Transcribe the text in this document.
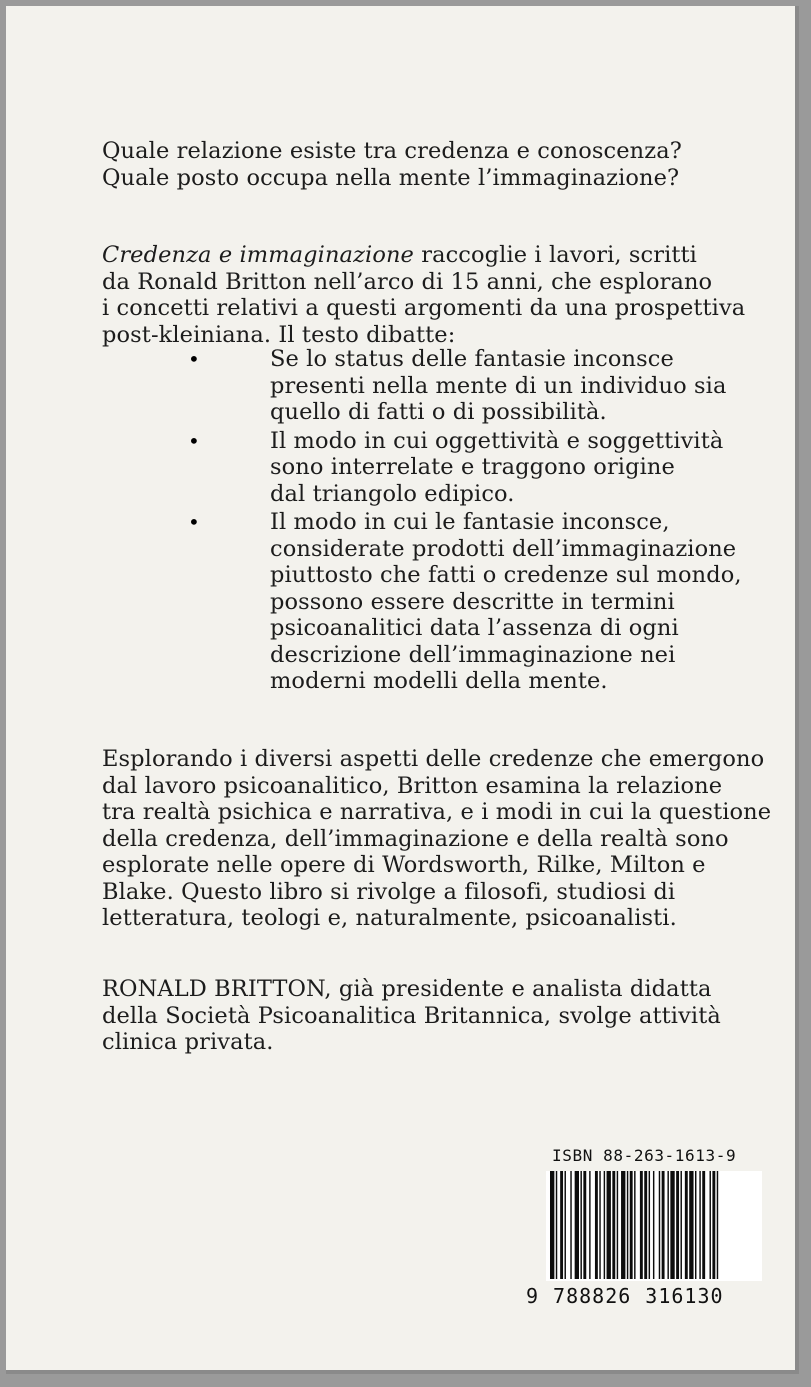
Quale relazione esiste tra credenza e conoscenza?
Quale posto occupa nella mente l’immaginazione?

Credenza e immaginazione raccoglie i lavori, scritti
da Ronald Britton nell’arco di 15 anni, che esplorano
i concetti relativi a questi argomenti da una prospettiva
post-kleiniana. Il testo dibatte:

•	Se lo status delle fantasie inconsce
presenti nella mente di un individuo sia
quello di fatti o di possibilità.

•	Il modo in cui oggettività e soggettività
sono interrelate e traggono origine
dal triangolo edipico.

•	Il modo in cui le fantasie inconsce,
considerate prodotti dell’immaginazione
piuttosto che fatti o credenze sul mondo,
possono essere descritte in termini
psicoanalitici data l’assenza di ogni
descrizione dell’immaginazione nei
moderni modelli della mente.

Esplorando i diversi aspetti delle credenze che emergono
dal lavoro psicoanalitico, Britton esamina la relazione
tra realtà psichica e narrativa, e i modi in cui la questione
della credenza, dell’immaginazione e della realtà sono
esplorate nelle opere di Wordsworth, Rilke, Milton e
Blake. Questo libro si rivolge a filosofi, studiosi di
letteratura, teologi e, naturalmente, psicoanalisti.

RONALD BRITTON, già presidente e analista didatta
della Società Psicoanalitica Britannica, svolge attività
clinica privata.

ISBN 88-263-1613-9
9 788826 316130
